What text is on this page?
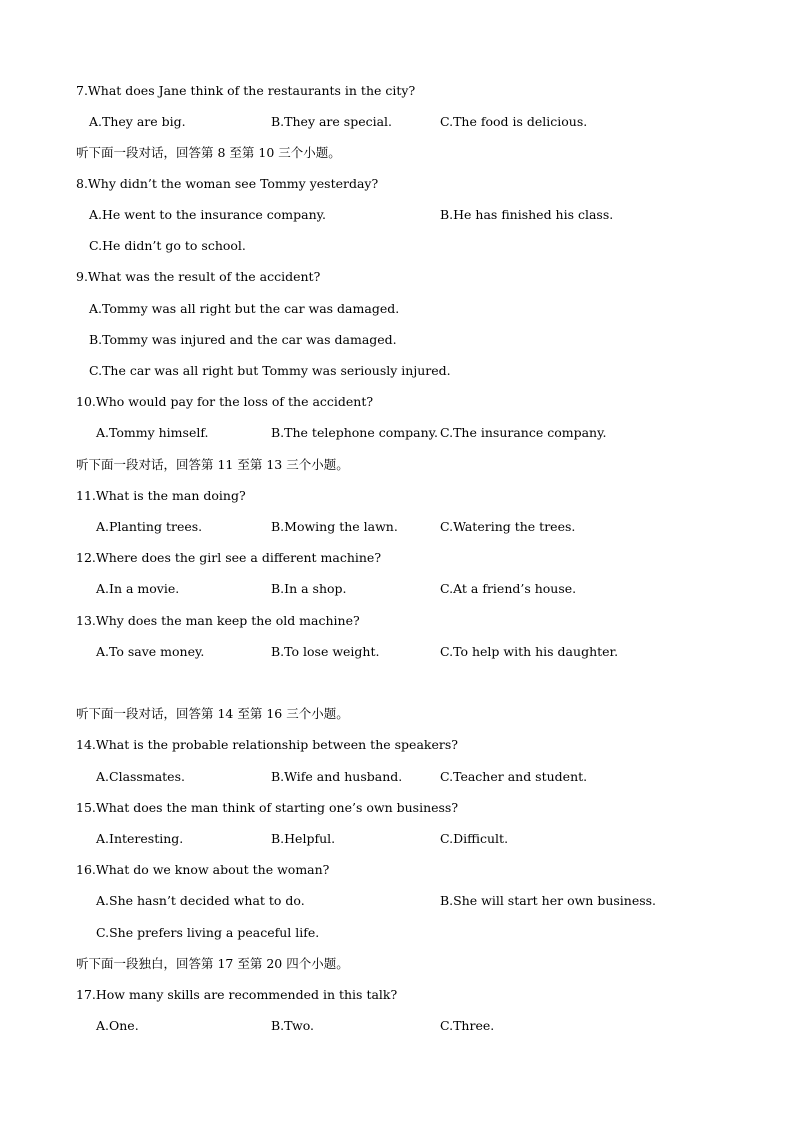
7.What does Jane think of the restaurants in the city?
A.They are big.	B.They are special.	C.The food is delicious.
听下面一段对话，回答第 8 至第 10 三个小题。
8.Why didn’t the woman see Tommy yesterday?
A.He went to the insurance company.	B.He has finished his class.
C.He didn’t go to school.
9.What was the result of the accident?
A.Tommy was all right but the car was damaged.
B.Tommy was injured and the car was damaged.
C.The car was all right but Tommy was seriously injured.
10.Who would pay for the loss of the accident?
A.Tommy himself.	B.The telephone company. C.The insurance company.
听下面一段对话，回答第 11 至第 13 三个小题。
11.What is the man doing?
A.Planting trees.	B.Mowing the lawn.	C.Watering the trees.
12.Where does the girl see a different machine?
A.In a movie.	B.In a shop.	C.At a friend’s house.
13.Why does the man keep the old machine?
A.To save money.	B.To lose weight.	C.To help with his daughter.
听下面一段对话，回答第 14 至第 16 三个小题。
14.What is the probable relationship between the speakers?
A.Classmates.	B.Wife and husband.	C.Teacher and student.
15.What does the man think of starting one’s own business?
A.Interesting.	B.Helpful.	C.Difficult.
16.What do we know about the woman?
A.She hasn’t decided what to do.	B.She will start her own business.
C.She prefers living a peaceful life.
听下面一段独白，回答第 17 至第 20 四个小题。
17.How many skills are recommended in this talk?
A.One.	B.Two.	C.Three.
